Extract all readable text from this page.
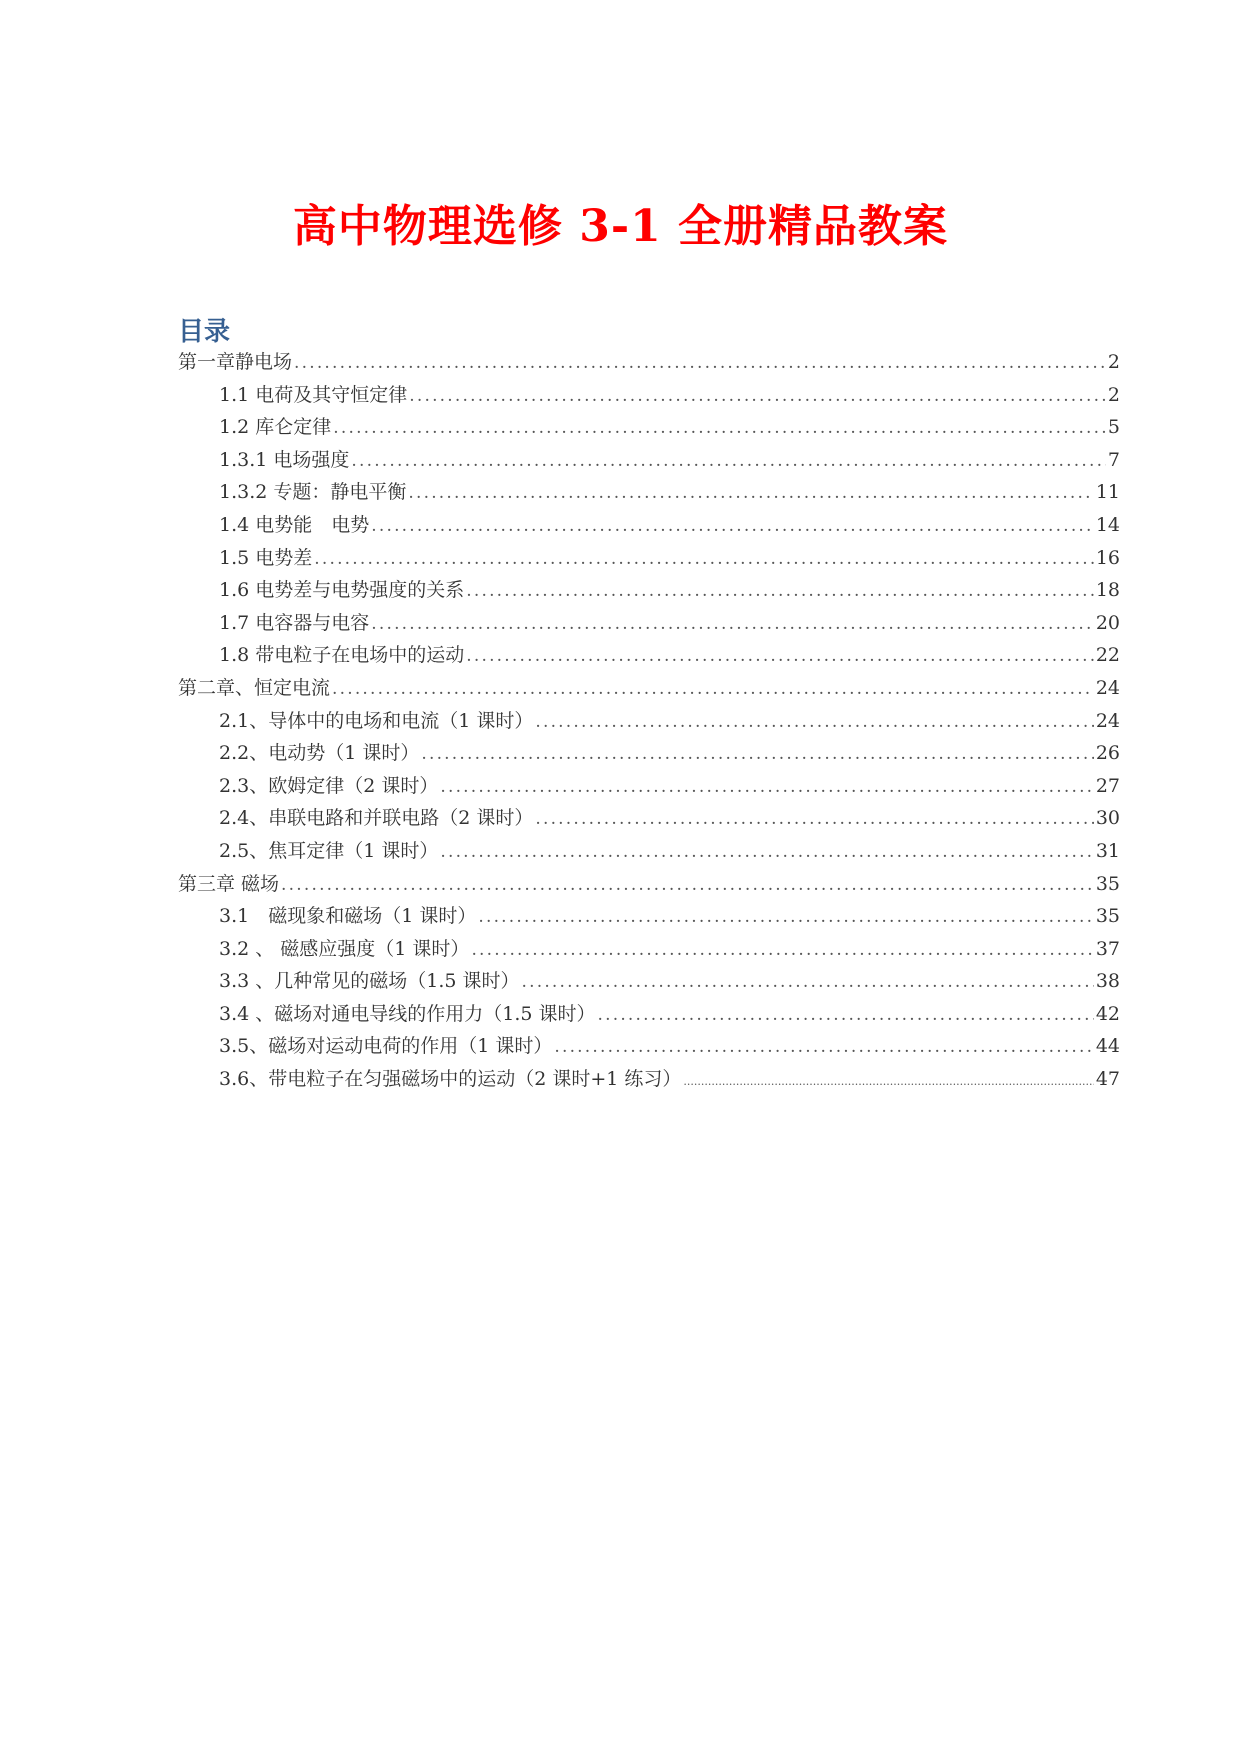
高中物理选修 3-1 全册精品教案
目录
第一章静电场 .....	2
1.1 电荷及其守恒定律 .....	2
1.2 库仑定律 .....	5
1.3.1 电场强度 .....	7
1.3.2 专题：静电平衡 .....	11
1.4 电势能　电势 .....	14
1.5 电势差 .....	16
1.6 电势差与电势强度的关系 .....	18
1.7 电容器与电容 .....	20
1.8 带电粒子在电场中的运动 .....	22
第二章、恒定电流 .....	24
2.1、导体中的电场和电流（1 课时） .....	24
2.2、电动势（1 课时） .....	26
2.3、欧姆定律（2 课时） .....	27
2.4、串联电路和并联电路（2 课时） .....	30
2.5、焦耳定律（1 课时） .....	31
第三章 磁场 .....	35
3.1　磁现象和磁场（1 课时） .....	35
3.2 、 磁感应强度（1 课时） .....	37
3.3 、几种常见的磁场（1.5 课时） .....	38
3.4 、磁场对通电导线的作用力（1.5 课时） .....	42
3.5、磁场对运动电荷的作用（1 课时） .....	44
3.6、带电粒子在匀强磁场中的运动（2 课时+1 练习） .....	47
